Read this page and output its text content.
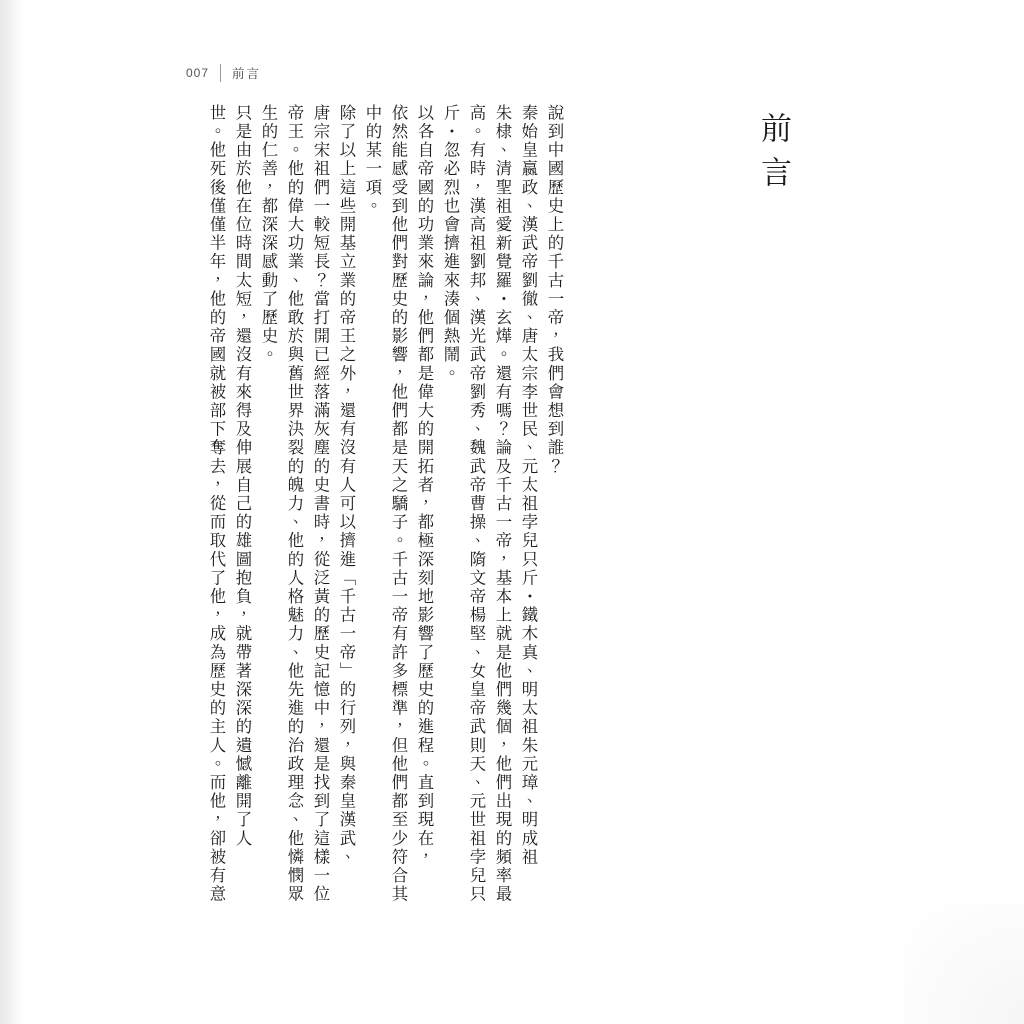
007 前言
前言
世。他死後僅僅半年，他的帝國就被部下奪去，從而取代了他，成為歷史的主人。而他，卻被有意 只是由於他在位時間太短，還沒有來得及伸展自己的雄圖抱負，就帶著深深的遺憾離開了人 生的仁善，都深深感動了歷史。 帝王。他的偉大功業、他敢於與舊世界決裂的魄力、他的人格魅力、他先進的治政理念、他憐憫眾 唐宗宋祖們一較短長？當打開已經落滿灰塵的史書時，從泛黃的歷史記憶中，還是找到了這樣一位 除了以上這些開基立業的帝王之外，還有沒有人可以擠進「千古一帝」的行列，與秦皇漢武、 中的某一項。 依然能感受到他們對歷史的影響，他們都是天之驕子。千古一帝有許多標準，但他們都至少符合其 以各自帝國的功業來論，他們都是偉大的開拓者，都極深刻地影響了歷史的進程。直到現在， 斤・忽必烈也會擠進來湊個熱鬧。 高。有時，漢高祖劉邦、漢光武帝劉秀、魏武帝曹操、隋文帝楊堅、女皇帝武則天、元世祖孛兒只 朱棣、清聖祖愛新覺羅・玄燁。還有嗎？論及千古一帝，基本上就是他們幾個，他們出現的頻率最 秦始皇嬴政、漢武帝劉徹、唐太宗李世民、元太祖孛兒只斤・鐵木真、明太祖朱元璋、明成祖 說到中國歷史上的千古一帝，我們會想到誰？
